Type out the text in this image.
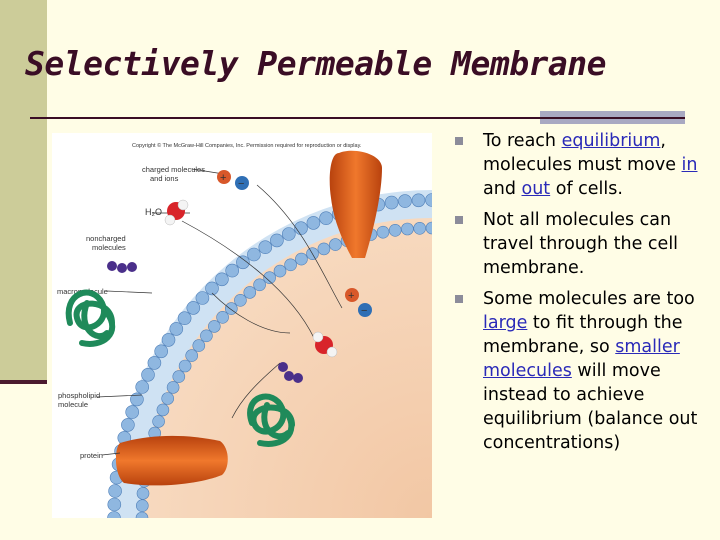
Selectively Permeable Membrane
Copyright © The McGraw-Hill Companies, Inc. Permission required for reproduction or display.
charged molecules
and ions
H₂O
noncharged
molecules
macromolecule
phospholipid
molecule
protein
+ −
+
−
To reach equilibrium, molecules must move in and out of cells.
Not all molecules can travel through the cell membrane.
Some molecules are too large to fit through the membrane, so smaller molecules will move instead to achieve equilibrium (balance out concentrations)
